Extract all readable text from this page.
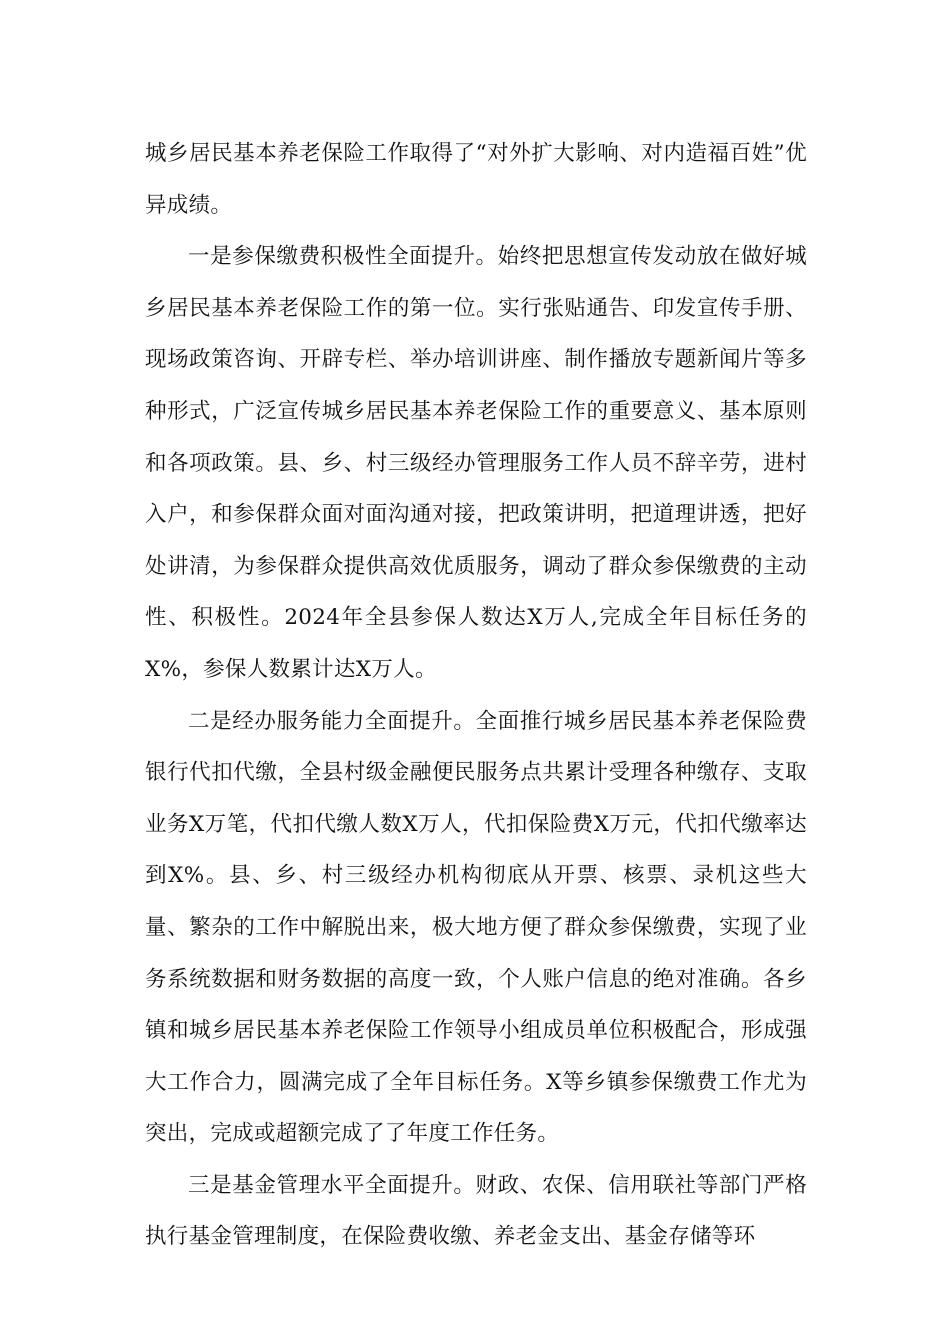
城乡居民基本养老保险工作取得了“对外扩大影响、对内造福百姓”优异成绩。

一是参保缴费积极性全面提升。始终把思想宣传发动放在做好城乡居民基本养老保险工作的第一位。实行张贴通告、印发宣传手册、现场政策咨询、开辟专栏、举办培训讲座、制作播放专题新闻片等多种形式，广泛宣传城乡居民基本养老保险工作的重要意义、基本原则和各项政策。县、乡、村三级经办管理服务工作人员不辞辛劳，进村入户，和参保群众面对面沟通对接，把政策讲明，把道理讲透，把好处讲清，为参保群众提供高效优质服务，调动了群众参保缴费的主动性、积极性。2024年全县参保人数达X万人,完成全年目标任务的X%，参保人数累计达X万人。

二是经办服务能力全面提升。全面推行城乡居民基本养老保险费银行代扣代缴，全县村级金融便民服务点共累计受理各种缴存、支取业务X万笔，代扣代缴人数X万人，代扣保险费X万元，代扣代缴率达到X%。县、乡、村三级经办机构彻底从开票、核票、录机这些大量、繁杂的工作中解脱出来，极大地方便了群众参保缴费，实现了业务系统数据和财务数据的高度一致，个人账户信息的绝对准确。各乡镇和城乡居民基本养老保险工作领导小组成员单位积极配合，形成强大工作合力，圆满完成了全年目标任务。X等乡镇参保缴费工作尤为突出，完成或超额完成了了年度工作任务。

三是基金管理水平全面提升。财政、农保、信用联社等部门严格执行基金管理制度，在保险费收缴、养老金支出、基金存储等环
